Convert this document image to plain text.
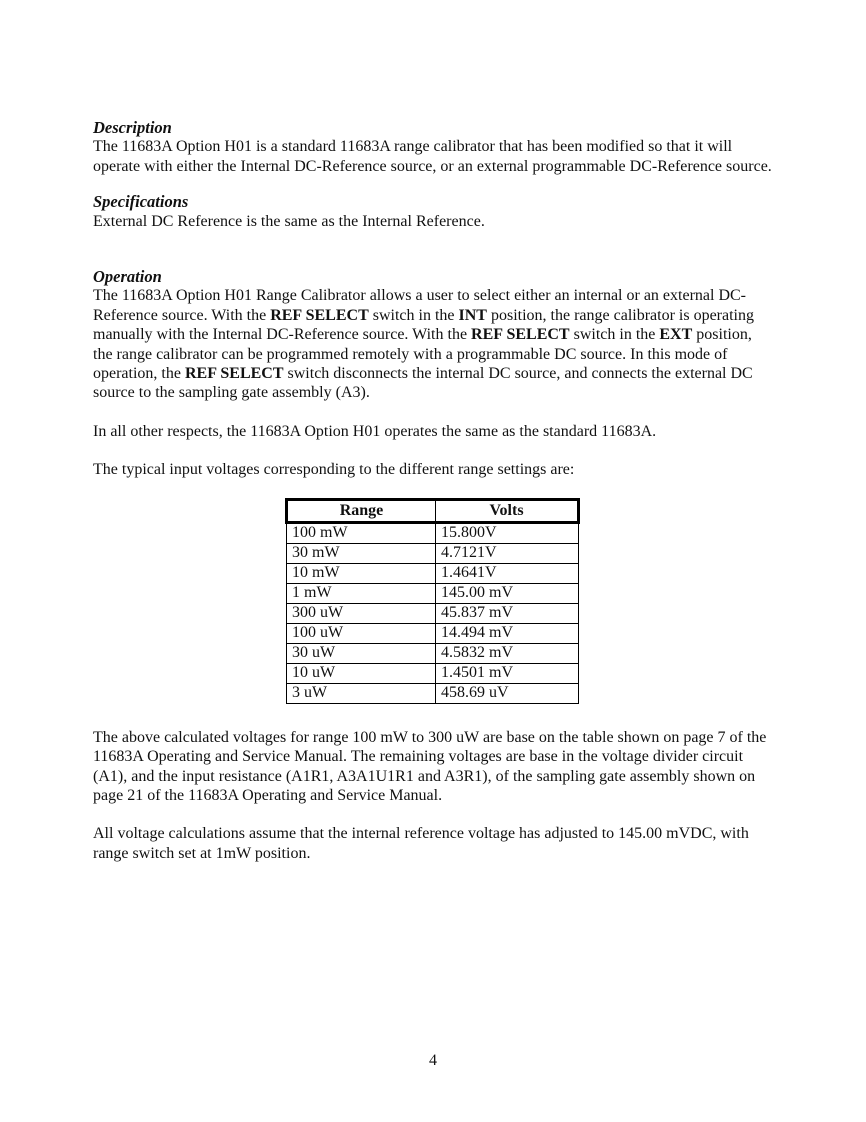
Description

The 11683A Option H01 is a standard 11683A range calibrator that has been modified so that it will operate with either the Internal DC-Reference source, or an external programmable DC-Reference source.

Specifications

External DC Reference is the same as the Internal Reference.

Operation

The 11683A Option H01 Range Calibrator allows a user to select either an internal or an external DC-Reference source. With the REF SELECT switch in the INT position, the range calibrator is operating manually with the Internal DC-Reference source. With the REF SELECT switch in the EXT position, the range calibrator can be programmed remotely with a programmable DC source. In this mode of operation, the REF SELECT switch disconnects the internal DC source, and connects the external DC source to the sampling gate assembly (A3).

In all other respects, the 11683A Option H01 operates the same as the standard 11683A.

The typical input voltages corresponding to the different range settings are:

Range	Volts
100 mW	15.800V
30 mW	4.7121V
10 mW	1.4641V
1 mW	145.00 mV
300 uW	45.837 mV
100 uW	14.494 mV
30 uW	4.5832 mV
10 uW	1.4501 mV
3 uW	458.69 uV

The above calculated voltages for range 100 mW to 300 uW are base on the table shown on page 7 of the 11683A Operating and Service Manual. The remaining voltages are base in the voltage divider circuit (A1), and the input resistance (A1R1, A3A1U1R1 and A3R1), of the sampling gate assembly shown on page 21 of the 11683A Operating and Service Manual.

All voltage calculations assume that the internal reference voltage has adjusted to 145.00 mVDC, with range switch set at 1mW position.

4
